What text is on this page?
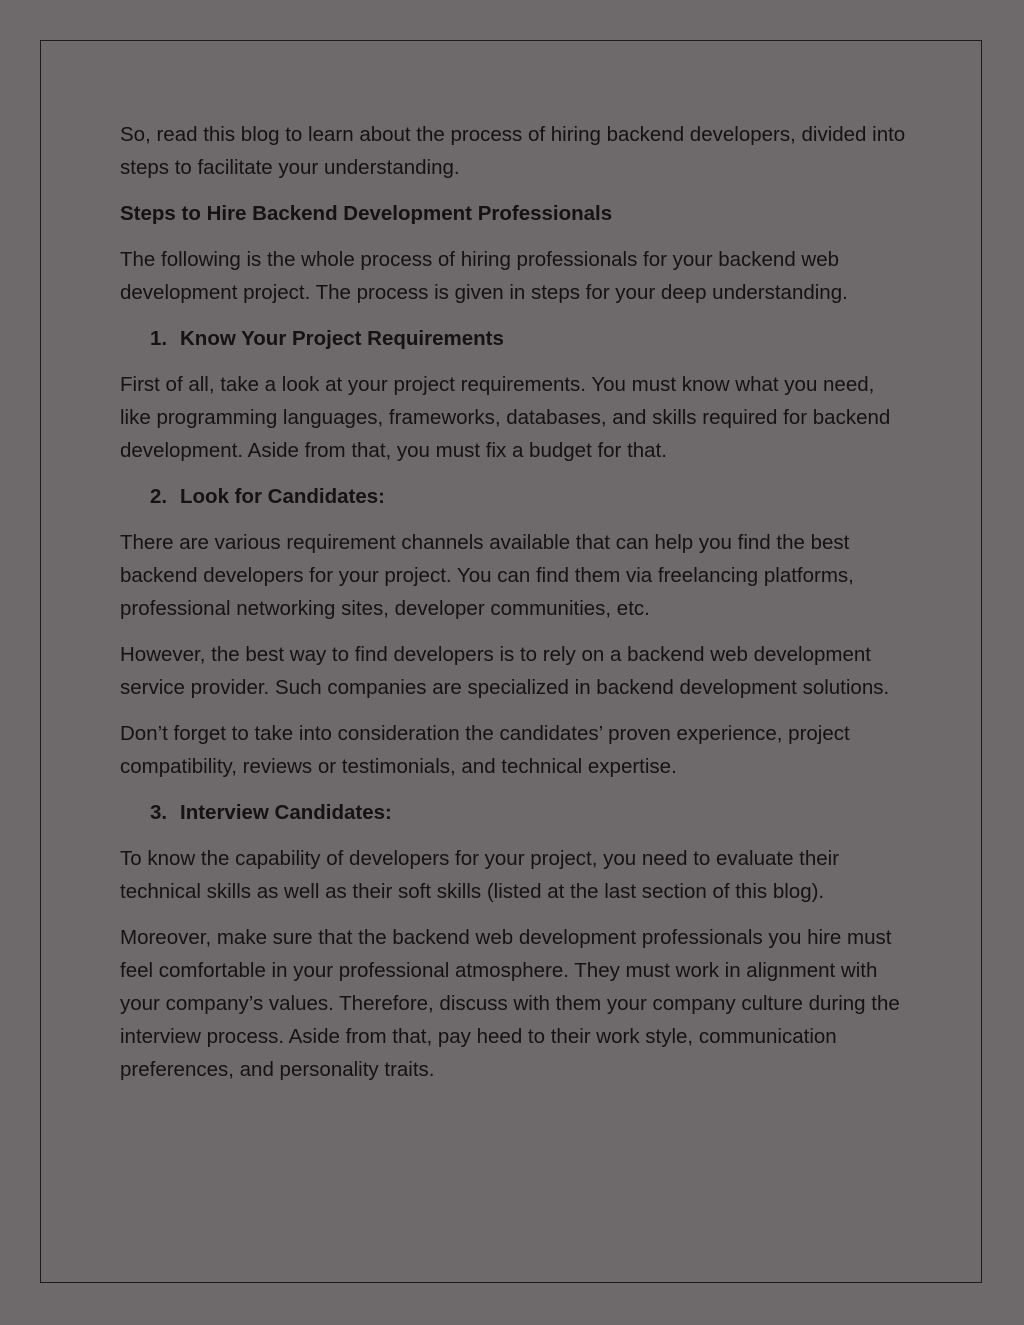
So, read this blog to learn about the process of hiring backend developers, divided into steps to facilitate your understanding.

Steps to Hire Backend Development Professionals

The following is the whole process of hiring professionals for your backend web development project. The process is given in steps for your deep understanding.

1. Know Your Project Requirements

First of all, take a look at your project requirements. You must know what you need, like programming languages, frameworks, databases, and skills required for backend development. Aside from that, you must fix a budget for that.

2. Look for Candidates:

There are various requirement channels available that can help you find the best backend developers for your project. You can find them via freelancing platforms, professional networking sites, developer communities, etc.

However, the best way to find developers is to rely on a backend web development service provider. Such companies are specialized in backend development solutions.

Don’t forget to take into consideration the candidates’ proven experience, project compatibility, reviews or testimonials, and technical expertise.

3. Interview Candidates:

To know the capability of developers for your project, you need to evaluate their technical skills as well as their soft skills (listed at the last section of this blog).

Moreover, make sure that the backend web development professionals you hire must feel comfortable in your professional atmosphere. They must work in alignment with your company’s values. Therefore, discuss with them your company culture during the interview process. Aside from that, pay heed to their work style, communication preferences, and personality traits.
